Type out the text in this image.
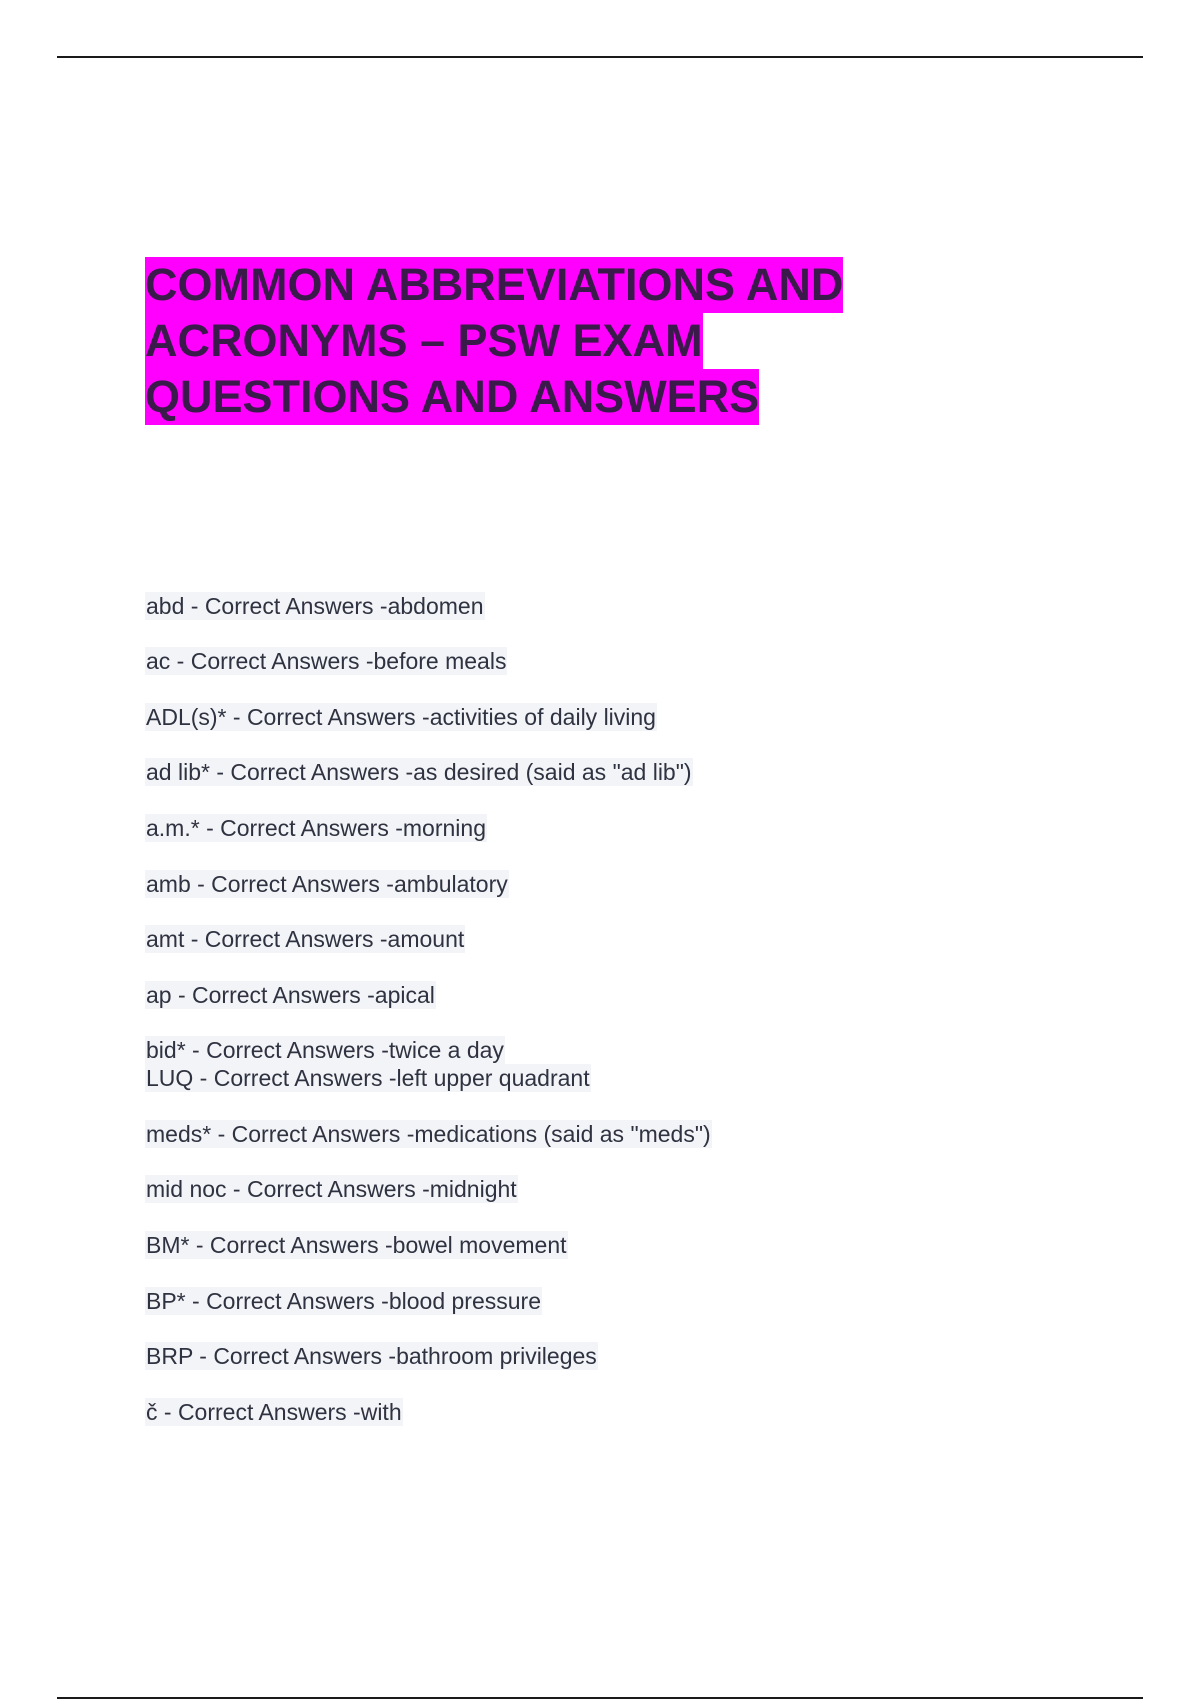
COMMON ABBREVIATIONS AND
ACRONYMS – PSW EXAM
QUESTIONS AND ANSWERS
abd - Correct Answers -abdomen
ac - Correct Answers -before meals
ADL(s)* - Correct Answers -activities of daily living
ad lib* - Correct Answers -as desired (said as "ad lib")
a.m.* - Correct Answers -morning
amb - Correct Answers -ambulatory
amt - Correct Answers -amount
ap - Correct Answers -apical
bid* - Correct Answers -twice a day
LUQ - Correct Answers -left upper quadrant
meds* - Correct Answers -medications (said as "meds")
mid noc - Correct Answers -midnight
BM* - Correct Answers -bowel movement
BP* - Correct Answers -blood pressure
BRP - Correct Answers -bathroom privileges
č - Correct Answers -with
